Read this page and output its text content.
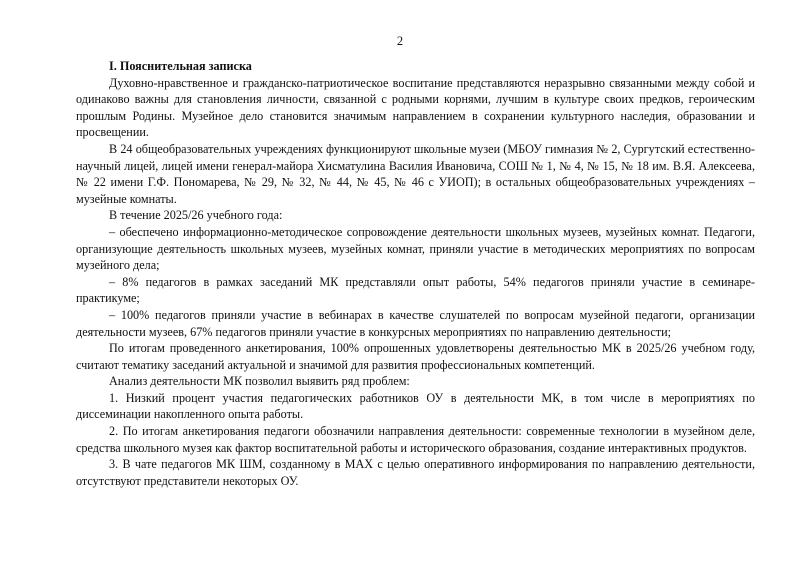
2

I. Пояснительная записка

Духовно-нравственное и гражданско-патриотическое воспитание представляются неразрывно связанными между собой и одинаково важны для становления личности, связанной с родными корнями, лучшим в культуре своих предков, героическим прошлым Родины. Музейное дело становится значимым направлением в сохранении культурного наследия, образовании и просвещении.

В 24 общеобразовательных учреждениях функционируют школьные музеи (МБОУ гимназия № 2, Сургутский естественно-научный лицей, лицей имени генерал-майора Хисматулина Василия Ивановича, СОШ № 1, № 4, № 15, № 18 им. В.Я. Алексеева, № 22 имени Г.Ф. Пономарева, № 29, № 32, № 44, № 45, № 46 с УИОП); в остальных общеобразовательных учреждениях – музейные комнаты.

В течение 2025/26 учебного года:

– обеспечено информационно-методическое сопровождение деятельности школьных музеев, музейных комнат. Педагоги, организующие деятельность школьных музеев, музейных комнат, приняли участие в методических мероприятиях по вопросам музейного дела;

– 8% педагогов в рамках заседаний МК представляли опыт работы, 54% педагогов приняли участие в семинаре-практикуме;

– 100% педагогов приняли участие в вебинарах в качестве слушателей по вопросам музейной педагоги, организации деятельности музеев, 67% педагогов приняли участие в конкурсных мероприятиях по направлению деятельности;

По итогам проведенного анкетирования, 100% опрошенных удовлетворены деятельностью МК в 2025/26 учебном году, считают тематику заседаний актуальной и значимой для развития профессиональных компетенций.

Анализ деятельности МК позволил выявить ряд проблем:

1. Низкий процент участия педагогических работников ОУ в деятельности МК, в том числе в мероприятиях по диссеминации накопленного опыта работы.

2. По итогам анкетирования педагоги обозначили направления деятельности: современные технологии в музейном деле, средства школьного музея как фактор воспитательной работы и исторического образования, создание интерактивных продуктов.

3. В чате педагогов МК ШМ, созданному в MAX с целью оперативного информирования по направлению деятельности, отсутствуют представители некоторых ОУ.
